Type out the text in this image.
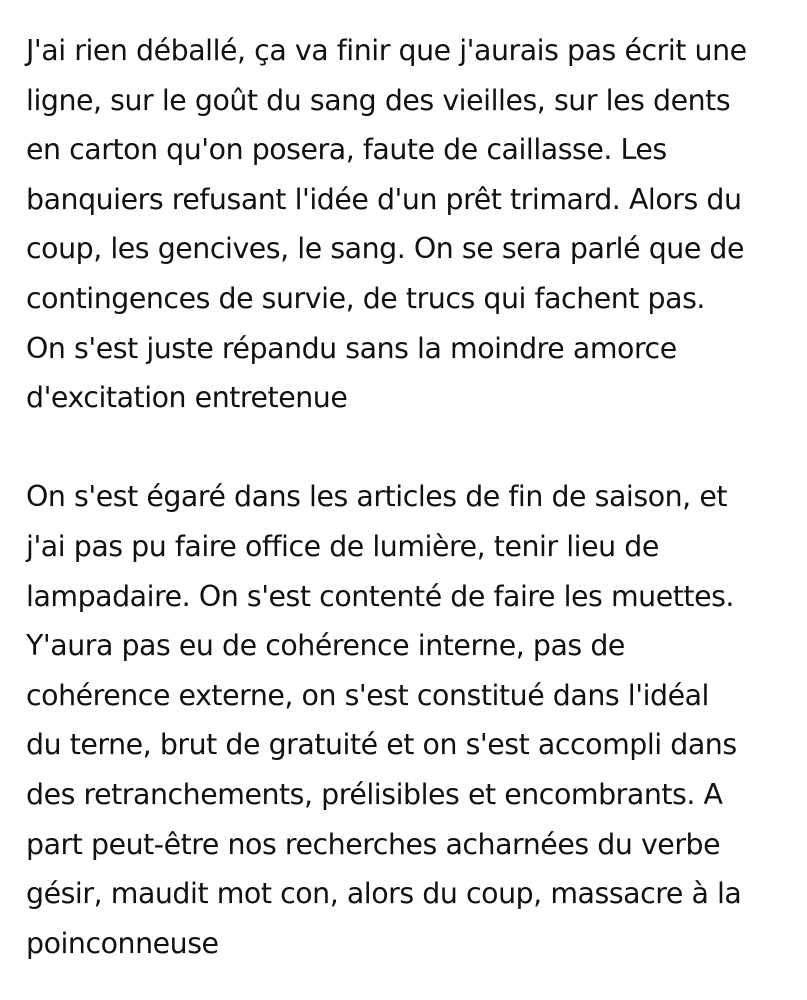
J'ai rien déballé, ça va finir que j'aurais pas écrit une
ligne, sur le goût du sang des vieilles, sur les dents
en carton qu'on posera, faute de caillasse. Les
banquiers refusant l'idée d'un prêt trimard. Alors du
coup, les gencives, le sang. On se sera parlé que de
contingences de survie, de trucs qui fachent pas.
On s'est juste répandu sans la moindre amorce
d'excitation entretenue

On s'est égaré dans les articles de fin de saison, et
j'ai pas pu faire office de lumière, tenir lieu de
lampadaire. On s'est contenté de faire les muettes.
Y'aura pas eu de cohérence interne, pas de
cohérence externe, on s'est constitué dans l'idéal
du terne, brut de gratuité et on s'est accompli dans
des retranchements, prélisibles et encombrants. A
part peut-être nos recherches acharnées du verbe
gésir, maudit mot con, alors du coup, massacre à la
poinconneuse
